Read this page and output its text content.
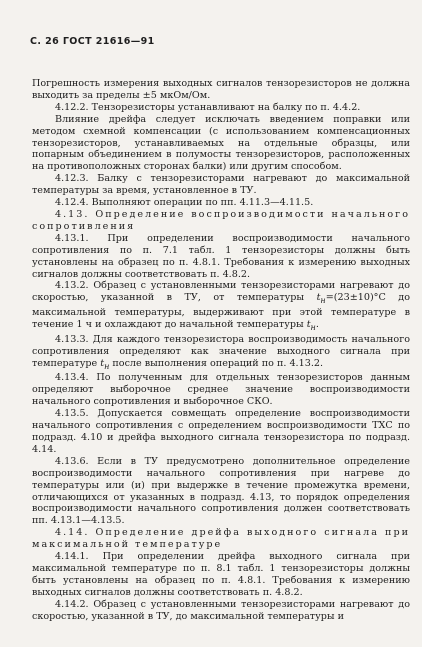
С. 26 ГОСТ 21616—91

Погрешность измерения выходных сигналов тензорезисторов не должна выходить за пределы ±5 мкОм/Ом.

4.12.2. Тензорезисторы устанавливают на балку по п. 4.4.2.

Влияние дрейфа следует исключать введением поправки или методом схемной компенсации (с использованием компенсационных тензорезисторов, устанавливаемых на отдельные образцы, или попарным объединением в полумосты тензорезисторов, расположенных на противоположных сторонах балки) или другим способом.

4.12.3. Балку с тензорезисторами нагревают до максимальной температуры за время, установленное в ТУ.

4.12.4. Выполняют операции по пп. 4.11.3—4.11.5.

4.13. Определение воспроизводимости начального сопротивления

4.13.1. При определении воспроизводимости начального сопротивления по п. 7.1 табл. 1 тензорезисторы должны быть установлены на образец по п. 4.8.1. Требования к измерению выходных сигналов должны соответствовать п. 4.8.2.

4.13.2. Образец с установленными тензорезисторами нагревают до скоростью, указанной в ТУ, от температуры $t_н=(23\pm 10)^\circ С$ до максимальной температуры, выдерживают при этой температуре в течение 1 ч и охлаждают до начальной температуры $t_н$.

4.13.3. Для каждого тензорезистора воспроизводимость начального сопротивления определяют как значение выходного сигнала при температуре $t_н$ после выполнения операций по п. 4.13.2.

4.13.4. По полученным для отдельных тензорезисторов данным определяют выборочное среднее значение воспроизводимости начального сопротивления и выборочное СКО.

4.13.5. Допускается совмещать определение воспроизводимости начального сопротивления с определением воспроизводимости ТХС по подразд. 4.10 и дрейфа выходного сигнала тензорезистора по подразд. 4.14.

4.13.6. Если в ТУ предусмотрено дополнительное определение воспроизводимости начального сопротивления при нагреве до температуры или (и) при выдержке в течение промежутка времени, отличающихся от указанных в подразд. 4.13, то порядок определения воспроизводимости начального сопротивления должен соответствовать пп. 4.13.1—4.13.5.

4.14. Определение дрейфа выходного сигнала при максимальной температуре

4.14.1. При определении дрейфа выходного сигнала при максимальной температуре по п. 8.1 табл. 1 тензорезисторы должны быть установлены на образец по п. 4.8.1. Требования к измерению выходных сигналов должны соответствовать п. 4.8.2.

4.14.2. Образец с установленными тензорезисторами нагревают до скоростью, указанной в ТУ, до максимальной температуры и
